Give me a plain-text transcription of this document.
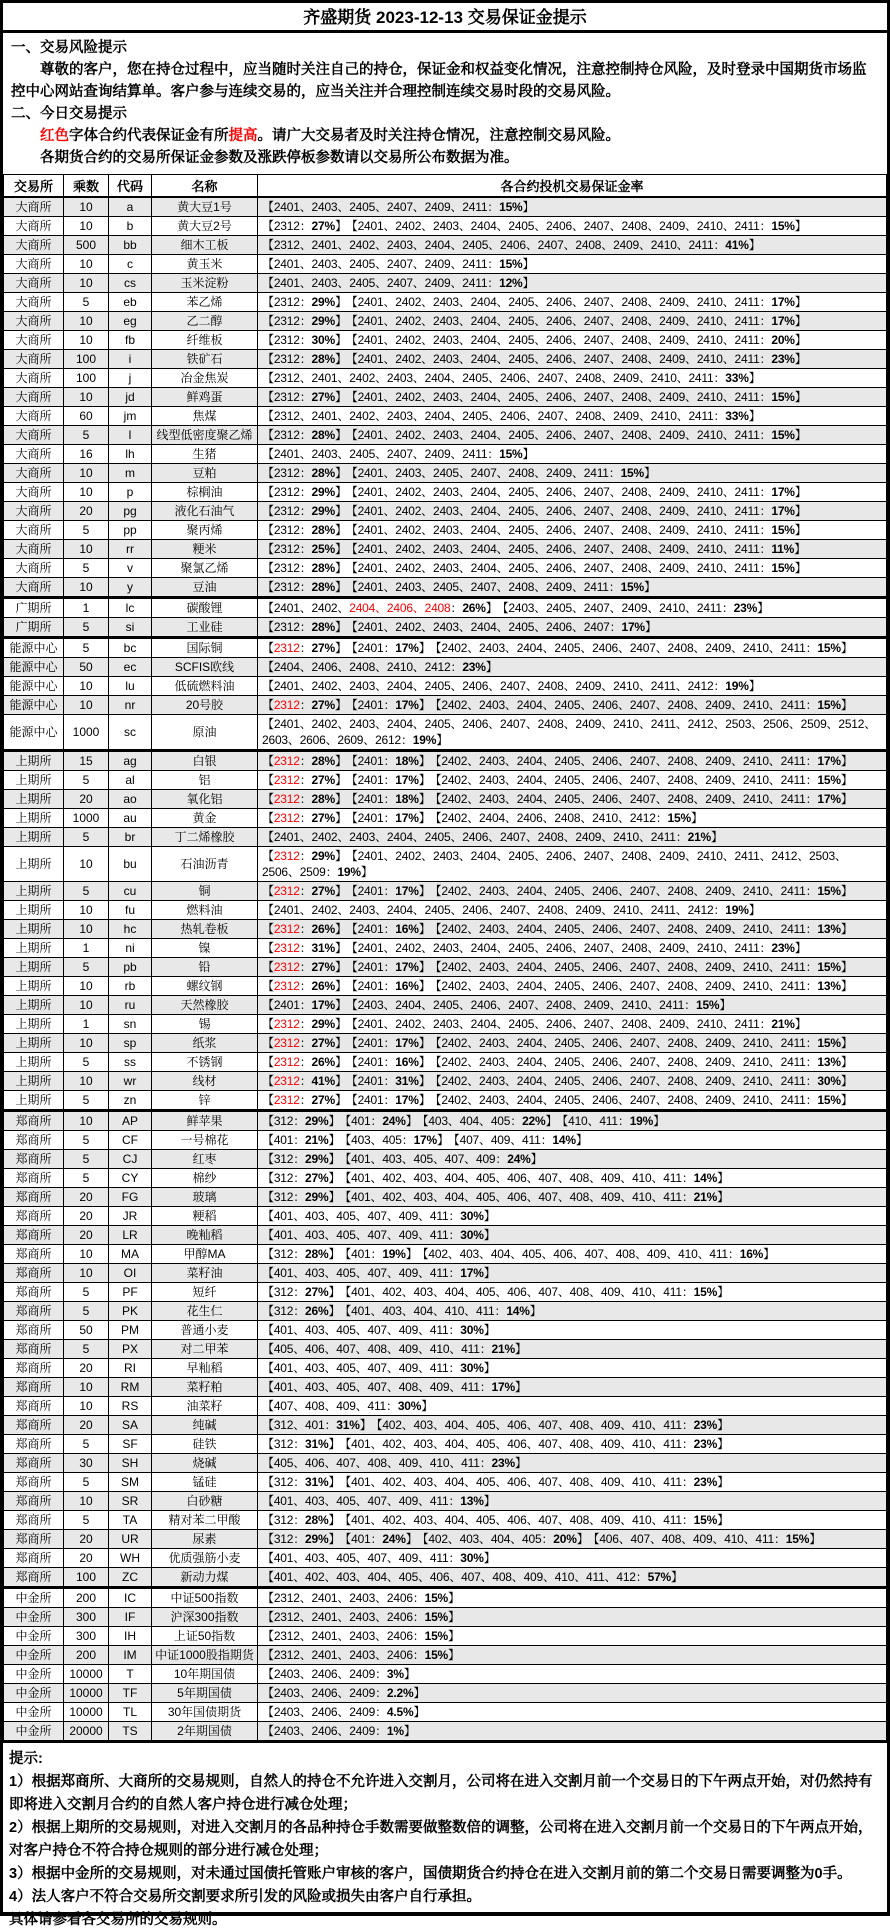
齐盛期货 2023-12-13 交易保证金提示

一、交易风险提示

尊敬的客户，您在持仓过程中，应当随时关注自己的持仓，保证金和权益变化情况，注意控制持仓风险，及时登录中国期货市场监控中心网站查询结算单。客户参与连续交易的，应当关注并合理控制连续交易时段的交易风险。

二、今日交易提示

红色字体合约代表保证金有所提高。请广大交易者及时关注持仓情况，注意控制交易风险。

各期货合约的交易所保证金参数及涨跌停板参数请以交易所公布数据为准。

交易所	乘数	代码	名称	各合约投机交易保证金率
大商所	10	a	黄大豆1号	【2401、2403、2405、2407、2409、2411：15%】
大商所	10	b	黄大豆2号	【2312：27%】 【2401、2402、2403、2404、2405、2406、2407、2408、2409、2410、2411：15%】
大商所	500	bb	细木工板	【2312、2401、2402、2403、2404、2405、2406、2407、2408、2409、2410、2411：41%】
大商所	10	c	黄玉米	【2401、2403、2405、2407、2409、2411：15%】
大商所	10	cs	玉米淀粉	【2401、2403、2405、2407、2409、2411：12%】
大商所	5	eb	苯乙烯	【2312：29%】 【2401、2402、2403、2404、2405、2406、2407、2408、2409、2410、2411：17%】
大商所	10	eg	乙二醇	【2312：29%】 【2401、2402、2403、2404、2405、2406、2407、2408、2409、2410、2411：17%】
大商所	10	fb	纤维板	【2312：30%】 【2401、2402、2403、2404、2405、2406、2407、2408、2409、2410、2411：20%】
大商所	100	i	铁矿石	【2312：28%】 【2401、2402、2403、2404、2405、2406、2407、2408、2409、2410、2411：23%】
大商所	100	j	冶金焦炭	【2312、2401、2402、2403、2404、2405、2406、2407、2408、2409、2410、2411：33%】
大商所	10	jd	鲜鸡蛋	【2312：27%】 【2401、2402、2403、2404、2405、2406、2407、2408、2409、2410、2411：15%】
大商所	60	jm	焦煤	【2312、2401、2402、2403、2404、2405、2406、2407、2408、2409、2410、2411：33%】
大商所	5	l	线型低密度聚乙烯	【2312：28%】 【2401、2402、2403、2404、2405、2406、2407、2408、2409、2410、2411：15%】
大商所	16	lh	生猪	【2401、2403、2405、2407、2409、2411：15%】
大商所	10	m	豆粕	【2312：28%】 【2401、2403、2405、2407、2408、2409、2411：15%】
大商所	10	p	棕榈油	【2312：29%】 【2401、2402、2403、2404、2405、2406、2407、2408、2409、2410、2411：17%】
大商所	20	pg	液化石油气	【2312：29%】 【2401、2402、2403、2404、2405、2406、2407、2408、2409、2410、2411：17%】
大商所	5	pp	聚丙烯	【2312：28%】 【2401、2402、2403、2404、2405、2406、2407、2408、2409、2410、2411：15%】
大商所	10	rr	粳米	【2312：25%】 【2401、2402、2403、2404、2405、2406、2407、2408、2409、2410、2411：11%】
大商所	5	v	聚氯乙烯	【2312：28%】 【2401、2402、2403、2404、2405、2406、2407、2408、2409、2410、2411：15%】
大商所	10	y	豆油	【2312：28%】 【2401、2403、2405、2407、2408、2409、2411：15%】
广期所	1	lc	碳酸锂	【2401、2402、2404、2406、2408：26%】 【2403、2405、2407、2409、2410、2411：23%】
广期所	5	si	工业硅	【2312：28%】 【2401、2402、2403、2404、2405、2406、2407：17%】
能源中心	5	bc	国际铜	【2312：27%】 【2401：17%】 【2402、2403、2404、2405、2406、2407、2408、2409、2410、2411：15%】
能源中心	50	ec	SCFIS欧线	【2404、2406、2408、2410、2412：23%】
能源中心	10	lu	低硫燃料油	【2401、2402、2403、2404、2405、2406、2407、2408、2409、2410、2411、2412：19%】
能源中心	10	nr	20号胶	【2312：27%】 【2401：17%】 【2402、2403、2404、2405、2406、2407、2408、2409、2410、2411：15%】
能源中心	1000	sc	原油	【2401、2402、2403、2404、2405、2406、2407、2408、2409、2410、2411、2412、2503、2506、2509、2512、2603、2606、2609、2612：19%】
上期所	15	ag	白银	【2312：28%】 【2401：18%】 【2402、2403、2404、2405、2406、2407、2408、2409、2410、2411：17%】
上期所	5	al	铝	【2312：27%】 【2401：17%】 【2402、2403、2404、2405、2406、2407、2408、2409、2410、2411：15%】
上期所	20	ao	氧化铝	【2312：28%】 【2401：18%】 【2402、2403、2404、2405、2406、2407、2408、2409、2410、2411：17%】
上期所	1000	au	黄金	【2312：27%】 【2401：17%】 【2402、2404、2406、2408、2410、2412：15%】
上期所	5	br	丁二烯橡胶	【2401、2402、2403、2404、2405、2406、2407、2408、2409、2410、2411：21%】
上期所	10	bu	石油沥青	【2312：29%】 【2401、2402、2403、2404、2405、2406、2407、2408、2409、2410、2411、2412、2503、2506、2509：19%】
上期所	5	cu	铜	【2312：27%】 【2401：17%】 【2402、2403、2404、2405、2406、2407、2408、2409、2410、2411：15%】
上期所	10	fu	燃料油	【2401、2402、2403、2404、2405、2406、2407、2408、2409、2410、2411、2412：19%】
上期所	10	hc	热轧卷板	【2312：26%】 【2401：16%】 【2402、2403、2404、2405、2406、2407、2408、2409、2410、2411：13%】
上期所	1	ni	镍	【2312：31%】 【2401、2402、2403、2404、2405、2406、2407、2408、2409、2410、2411：23%】
上期所	5	pb	铅	【2312：27%】 【2401：17%】 【2402、2403、2404、2405、2406、2407、2408、2409、2410、2411：15%】
上期所	10	rb	螺纹钢	【2312：26%】 【2401：16%】 【2402、2403、2404、2405、2406、2407、2408、2409、2410、2411：13%】
上期所	10	ru	天然橡胶	【2401：17%】 【2403、2404、2405、2406、2407、2408、2409、2410、2411：15%】
上期所	1	sn	锡	【2312：29%】 【2401、2402、2403、2404、2405、2406、2407、2408、2409、2410、2411：21%】
上期所	10	sp	纸浆	【2312：27%】 【2401：17%】 【2402、2403、2404、2405、2406、2407、2408、2409、2410、2411：15%】
上期所	5	ss	不锈钢	【2312：26%】 【2401：16%】 【2402、2403、2404、2405、2406、2407、2408、2409、2410、2411：13%】
上期所	10	wr	线材	【2312：41%】 【2401：31%】 【2402、2403、2404、2405、2406、2407、2408、2409、2410、2411：30%】
上期所	5	zn	锌	【2312：27%】 【2401：17%】 【2402、2403、2404、2405、2406、2407、2408、2409、2410、2411：15%】
郑商所	10	AP	鲜苹果	【312：29%】 【401：24%】 【403、404、405：22%】 【410、411：19%】
郑商所	5	CF	一号棉花	【401：21%】 【403、405：17%】 【407、409、411：14%】
郑商所	5	CJ	红枣	【312：29%】 【401、403、405、407、409：24%】
郑商所	5	CY	棉纱	【312：27%】 【401、402、403、404、405、406、407、408、409、410、411：14%】
郑商所	20	FG	玻璃	【312：29%】 【401、402、403、404、405、406、407、408、409、410、411：21%】
郑商所	20	JR	粳稻	【401、403、405、407、409、411：30%】
郑商所	20	LR	晚籼稻	【401、403、405、407、409、411：30%】
郑商所	10	MA	甲醇MA	【312：28%】 【401：19%】 【402、403、404、405、406、407、408、409、410、411：16%】
郑商所	10	OI	菜籽油	【401、403、405、407、409、411：17%】
郑商所	5	PF	短纤	【312：27%】 【401、402、403、404、405、406、407、408、409、410、411：15%】
郑商所	5	PK	花生仁	【312：26%】 【401、403、404、410、411：14%】
郑商所	50	PM	普通小麦	【401、403、405、407、409、411：30%】
郑商所	5	PX	对二甲苯	【405、406、407、408、409、410、411：21%】
郑商所	20	RI	早籼稻	【401、403、405、407、409、411：30%】
郑商所	10	RM	菜籽粕	【401、403、405、407、408、409、411：17%】
郑商所	10	RS	油菜籽	【407、408、409、411：30%】
郑商所	20	SA	纯碱	【312、401：31%】 【402、403、404、405、406、407、408、409、410、411：23%】
郑商所	5	SF	硅铁	【312：31%】 【401、402、403、404、405、406、407、408、409、410、411：23%】
郑商所	30	SH	烧碱	【405、406、407、408、409、410、411：23%】
郑商所	5	SM	锰硅	【312：31%】 【401、402、403、404、405、406、407、408、409、410、411：23%】
郑商所	10	SR	白砂糖	【401、403、405、407、409、411：13%】
郑商所	5	TA	精对苯二甲酸	【312：28%】 【401、402、403、404、405、406、407、408、409、410、411：15%】
郑商所	20	UR	尿素	【312：29%】 【401：24%】 【402、403、404、405：20%】 【406、407、408、409、410、411：15%】
郑商所	20	WH	优质强筋小麦	【401、403、405、407、409、411：30%】
郑商所	100	ZC	新动力煤	【401、402、403、404、405、406、407、408、409、410、411、412：57%】
中金所	200	IC	中证500指数	【2312、2401、2403、2406：15%】
中金所	300	IF	沪深300指数	【2312、2401、2403、2406：15%】
中金所	300	IH	上证50指数	【2312、2401、2403、2406：15%】
中金所	200	IM	中证1000股指期货	【2312、2401、2403、2406：15%】
中金所	10000	T	10年期国债	【2403、2406、2409：3%】
中金所	10000	TF	5年期国债	【2403、2406、2409：2.2%】
中金所	10000	TL	30年国债期货	【2403、2406、2409：4.5%】
中金所	20000	TS	2年期国债	【2403、2406、2409：1%】

提示:

1）根据郑商所、大商所的交易规则，自然人的持仓不允许进入交割月，公司将在进入交割月前一个交易日的下午两点开始，对仍然持有即将进入交割月合约的自然人客户持仓进行减仓处理；

2）根据上期所的交易规则，对进入交割月的各品种持仓手数需要做整数倍的调整，公司将在进入交割月前一个交易日的下午两点开始，对客户持仓不符合持仓规则的部分进行减仓处理；

3）根据中金所的交易规则，对未通过国债托管账户审核的客户，国债期货合约持仓在进入交割月前的第二个交易日需要调整为0手。

4）法人客户不符合交易所交割要求所引发的风险或损失由客户自行承担。

具体请参看各交易所的交易规则。
